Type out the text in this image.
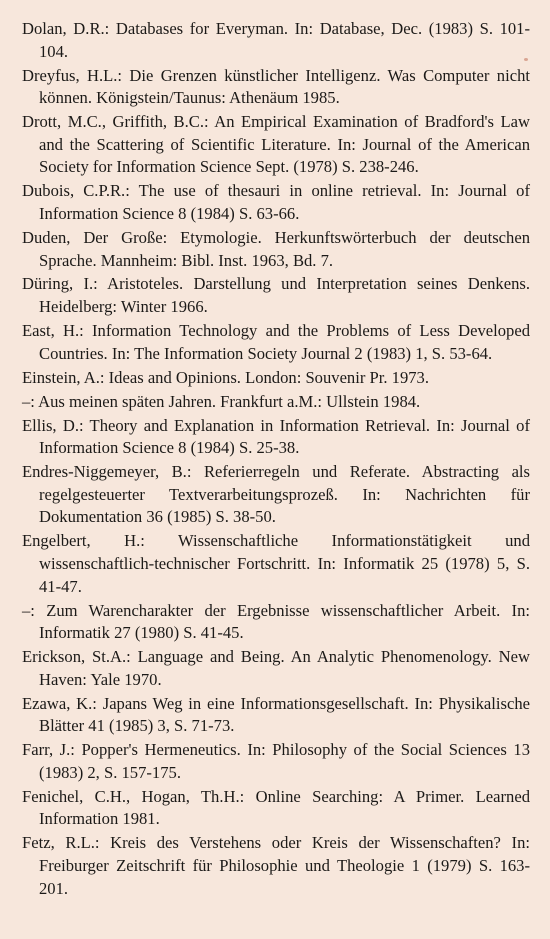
Dolan, D.R.: Databases for Everyman. In: Database, Dec. (1983) S. 101-104.

Dreyfus, H.L.: Die Grenzen künstlicher Intelligenz. Was Computer nicht können. Königstein/Taunus: Athenäum 1985.

Drott, M.C., Griffith, B.C.: An Empirical Examination of Bradford's Law and the Scattering of Scientific Literature. In: Journal of the American Society for Information Science Sept. (1978) S. 238-246.

Dubois, C.P.R.: The use of thesauri in online retrieval. In: Journal of Information Science 8 (1984) S. 63-66.

Duden, Der Große: Etymologie. Herkunftswörterbuch der deutschen Sprache. Mannheim: Bibl. Inst. 1963, Bd. 7.

Düring, I.: Aristoteles. Darstellung und Interpretation seines Denkens. Heidelberg: Winter 1966.

East, H.: Information Technology and the Problems of Less Developed Countries. In: The Information Society Journal 2 (1983) 1, S. 53-64.

Einstein, A.: Ideas and Opinions. London: Souvenir Pr. 1973.

–: Aus meinen späten Jahren. Frankfurt a.M.: Ullstein 1984.

Ellis, D.: Theory and Explanation in Information Retrieval. In: Journal of Information Science 8 (1984) S. 25-38.

Endres-Niggemeyer, B.: Referierregeln und Referate. Abstracting als regelgesteuerter Textverarbeitungsprozeß. In: Nachrichten für Dokumentation 36 (1985) S. 38-50.

Engelbert, H.: Wissenschaftliche Informationstätigkeit und wissenschaftlich-technischer Fortschritt. In: Informatik 25 (1978) 5, S. 41-47.

–: Zum Warencharakter der Ergebnisse wissenschaftlicher Arbeit. In: Informatik 27 (1980) S. 41-45.

Erickson, St.A.: Language and Being. An Analytic Phenomenology. New Haven: Yale 1970.

Ezawa, K.: Japans Weg in eine Informationsgesellschaft. In: Physikalische Blätter 41 (1985) 3, S. 71-73.

Farr, J.: Popper's Hermeneutics. In: Philosophy of the Social Sciences 13 (1983) 2, S. 157-175.

Fenichel, C.H., Hogan, Th.H.: Online Searching: A Primer. Learned Information 1981.

Fetz, R.L.: Kreis des Verstehens oder Kreis der Wissenschaften? In: Freiburger Zeitschrift für Philosophie und Theologie 1 (1979) S. 163-201.
